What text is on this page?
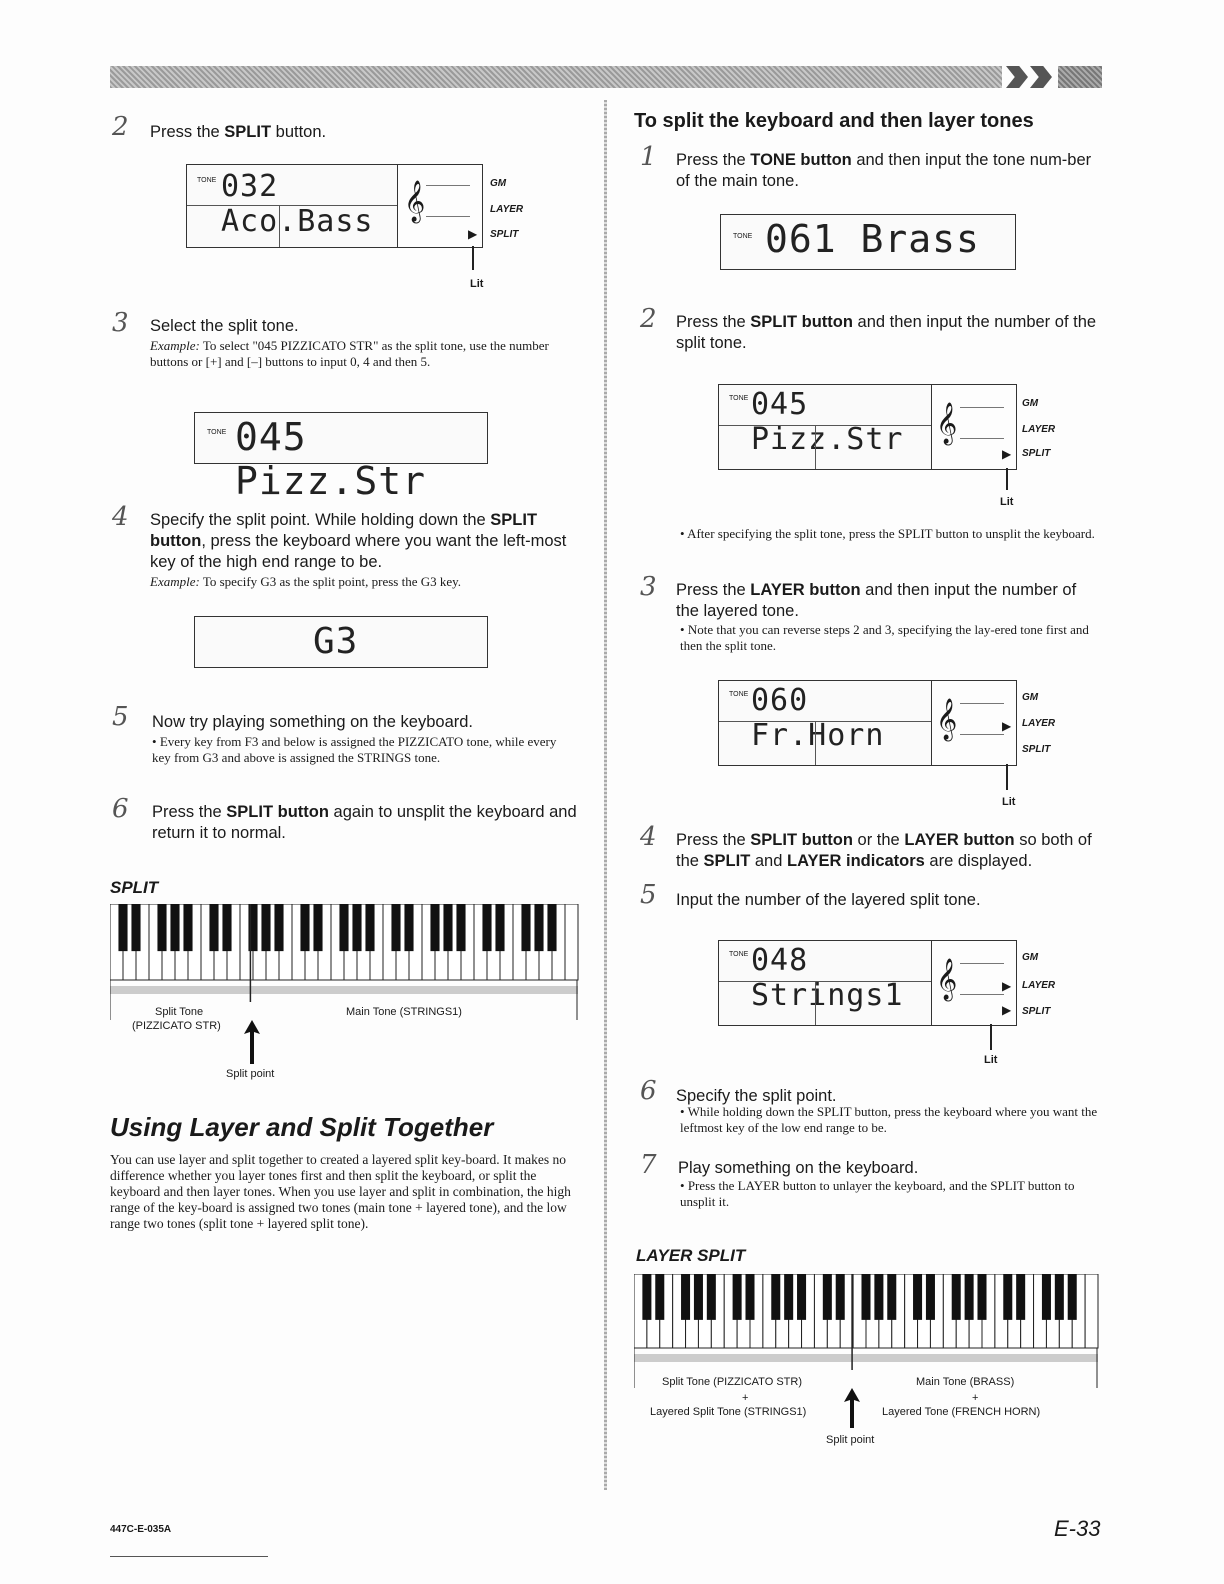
2 Press the SPLIT button.
TONE 032 Aco.Bass 𝄞
▶
GM
LAYER
SPLIT
Lit
3 Select the split tone.
Example: To select "045 PIZZICATO STR" as the split tone, use the number buttons or [+] and [–] buttons to input 0, 4 and then 5.
TONE 045 Pizz.Str
4 Specify the split point. While holding down the SPLIT button, press the keyboard where you want the left-most key of the high end range to be.
Example: To specify G3 as the split point, press the G3 key.
G3
5 Now try playing something on the keyboard.
• Every key from F3 and below is assigned the PIZZICATO tone, while every key from G3 and above is assigned the STRINGS tone.
6 Press the SPLIT button again to unsplit the keyboard and return it to normal.
SPLIT
Split Tone
(PIZZICATO STR)
Main Tone (STRINGS1)
Split point
Using Layer and Split Together
You can use layer and split together to created a layered split key-board. It makes no difference whether you layer tones first and then split the keyboard, or split the keyboard and then layer tones. When you use layer and split in combination, the high range of the key-board is assigned two tones (main tone + layered tone), and the low range two tones (split tone + layered split tone).
447C-E-035A
To split the keyboard and then layer tones
1 Press the TONE button and then input the tone num-ber of the main tone.
TONE 061 Brass
2 Press the SPLIT button and then input the number of the split tone.
TONE 045 Pizz.Str 𝄞
▶
GM
LAYER
SPLIT
Lit
• After specifying the split tone, press the SPLIT button to unsplit the keyboard.
3 Press the LAYER button and then input the number of the layered tone.
• Note that you can reverse steps 2 and 3, specifying the lay-ered tone first and then the split tone.
TONE 060 Fr.Horn	𝄞	▶
GM
LAYER
SPLIT
Lit
4 Press the SPLIT button or the LAYER button so both of the SPLIT and LAYER indicators are displayed.
5 Input the number of the layered split tone.
TONE 048 Strings1 𝄞	▶
▶
GM
LAYER
SPLIT
Lit
6 Specify the split point.
• While holding down the SPLIT button, press the keyboard where you want the leftmost key of the low end range to be.
7 Play something on the keyboard.
• Press the LAYER button to unlayer the keyboard, and the SPLIT button to unsplit it.
LAYER SPLIT
Split Tone (PIZZICATO STR)
+
Layered Split Tone (STRINGS1)
Main Tone (BRASS)
+
Layered Tone (FRENCH HORN)
Split point
E-33
